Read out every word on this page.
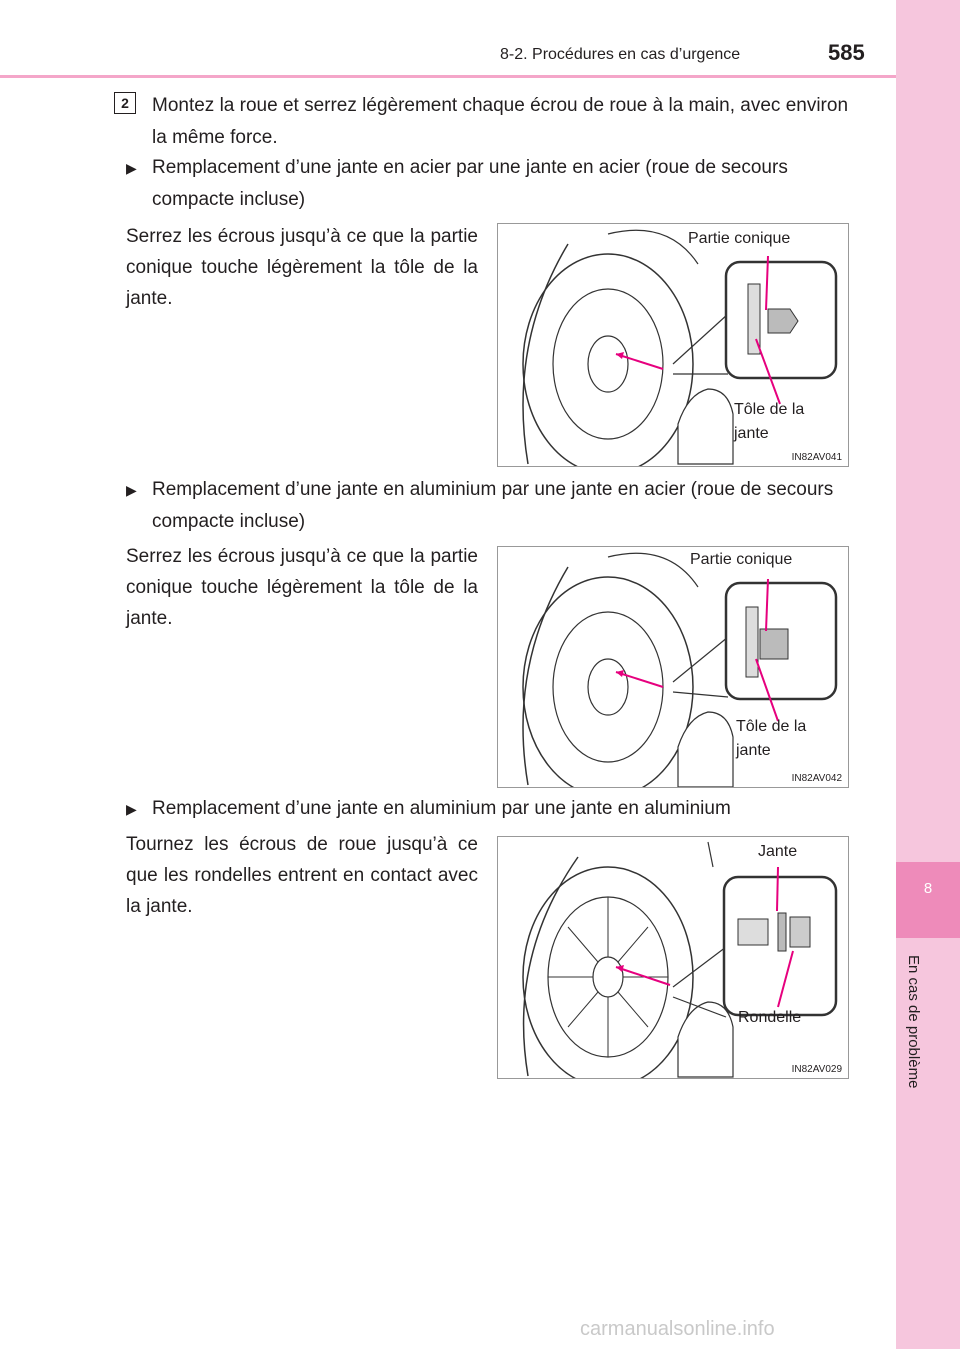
8-2. Procédures en cas d’urgence	585
8
En cas de problème
2	Montez la roue et serrez légèrement chaque écrou de roue à la main, avec environ la même force.
▶ Remplacement d’une jante en acier par une jante en acier (roue de secours compacte incluse)
Serrez les écrous jusqu’à ce que la partie conique touche légèrement la tôle de la jante.
Partie conique
Tôle de la jante
IN82AV041
▶ Remplacement d’une jante en aluminium par une jante en acier (roue de secours compacte incluse)
Serrez les écrous jusqu’à ce que la partie conique touche légèrement la tôle de la jante.
Partie conique
Tôle de la jante
IN82AV042
▶ Remplacement d’une jante en aluminium par une jante en aluminium
Tournez les écrous de roue jusqu’à ce que les rondelles entrent en contact avec la jante.
Jante
Rondelle
IN82AV029
carmanualsonline.info
